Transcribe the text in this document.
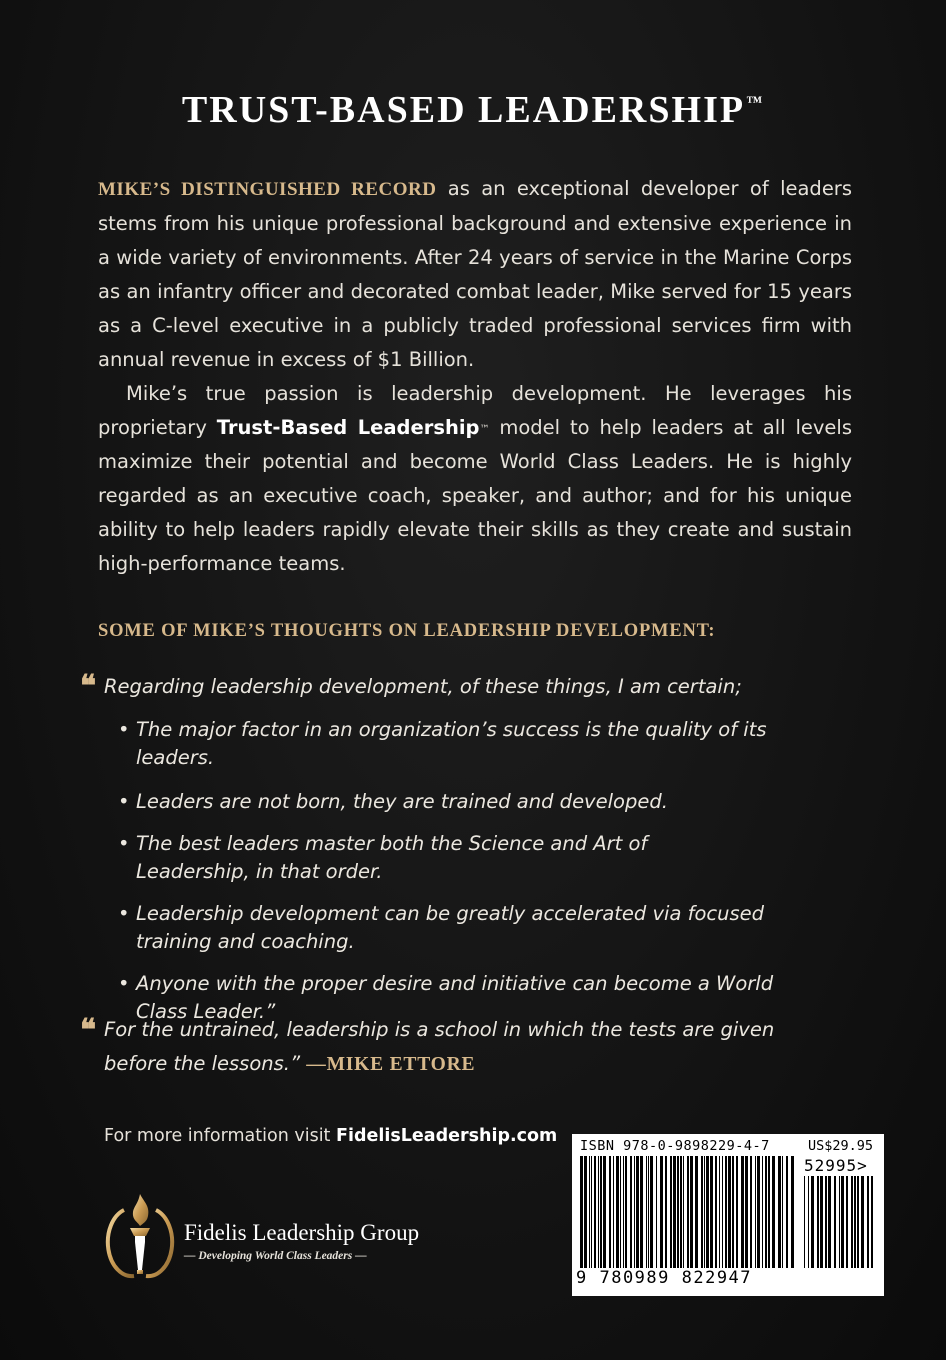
TRUST-BASED LEADERSHIP™

MIKE’S DISTINGUISHED RECORD as an exceptional developer of leaders stems from his unique professional background and extensive experience in a wide variety of environments. After 24 years of service in the Marine Corps as an infantry officer and decorated combat leader, Mike served for 15 years as a C-level executive in a publicly traded professional services firm with annual revenue in excess of $1 Billion.

Mike’s true passion is leadership development. He leverages his proprietary Trust-Based Leadership™ model to help leaders at all levels maximize their potential and become World Class Leaders. He is highly regarded as an executive coach, speaker, and author; and for his unique ability to help leaders rapidly elevate their skills as they create and sustain high-performance teams.

SOME OF MIKE’S THOUGHTS ON LEADERSHIP DEVELOPMENT:
❝ Regarding leadership development, of these things, I am certain;
• The major factor in an organization’s success is the quality of its leaders.
• Leaders are not born, they are trained and developed.
• The best leaders master both the Science and Art of Leadership, in that order.
• Leadership development can be greatly accelerated via focused training and coaching.
• Anyone with the proper desire and initiative can become a World Class Leader.”
❝ For the untrained, leadership is a school in which the tests are given
before the lessons.” —MIKE ETTORE
For more information visit FidelisLeadership.com
Fidelis Leadership Group
— Developing World Class Leaders —
ISBN 978-0-9898229-4-7	US$29.95
52995>
9 780989 822947
